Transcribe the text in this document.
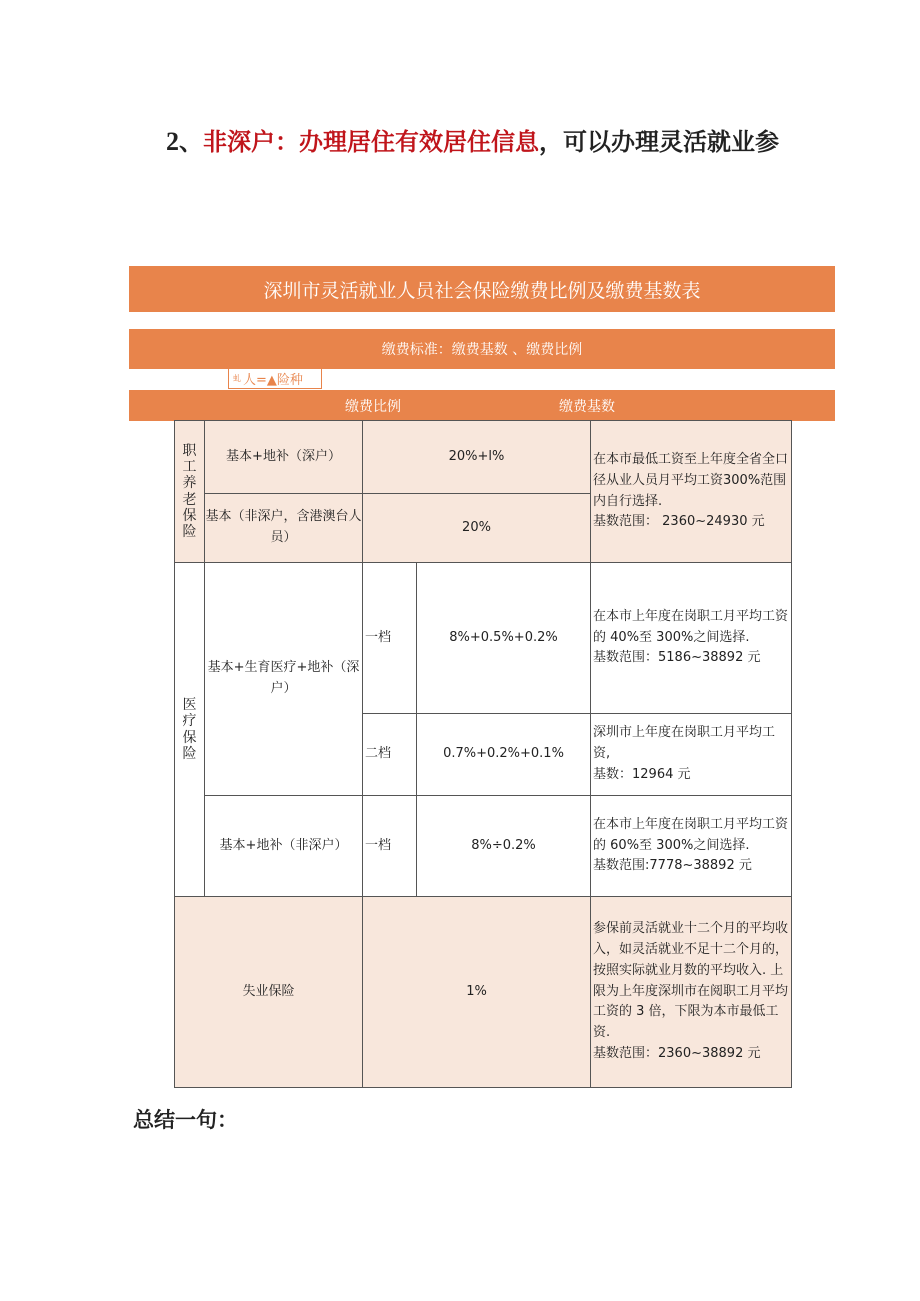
2、非深户：办理居住有效居住信息，可以办理灵活就业参
深圳市灵活就业人员社会保险缴费比例及缴费基数表
缴费标准：缴费基数 、缴费比例
虬 人=▲险种
缴费比例	缴费基数
职工养老保险	基本+地补（深户）	20%+l%		在本市最低工资至上年度全省全口径从业人员月平均工资300%范围内自行选择.
基数范围： 2360~24930 元

	基本（非深户，含港澳台人员）	20%		

医疗保险	基本+生育医疗+地补（深户）	一档	8%+0.5%+0.2%	在本市上年度在岗职工月平均工资的 40%至 300%之间选择.
基数范围：5186~38892 元

		二档	0.7%+0.2%+0.1%	深圳市上年度在岗职工月平均工资,
基数：12964 元

	基本+地补（非深户）	一档	8%÷0.2%	在本市上年度在岗职工月平均工资的 60%至 300%之间选择.
基数范围:7778~38892 元

失业保险		1%		参保前灵活就业十二个月的平均收入，如灵活就业不足十二个月的，按照实际就业月数的平均收入. 上限为上年度深圳市在阅职工月平均工资的 3 倍，下限为本市最低工资.
基数范围：2360~38892 元
总结一句：
